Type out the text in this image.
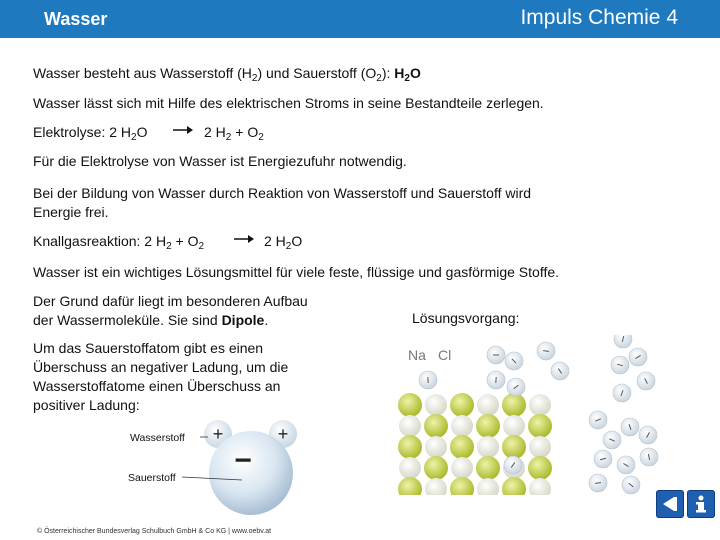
Wasser	Impuls Chemie 4
Wasser besteht aus Wasserstoff $(H_2)$ und Sauerstoff $(O_2)$: $H_2O$
Wasser lässt sich mit Hilfe des elektrischen Stroms in seine Bestandteile zerlegen.
Elektrolyse: 2 $H_2O \to 2$ $H_2 + O_2$
Für die Elektrolyse von Wasser ist Energiezufuhr notwendig.
Bei der Bildung von Wasser durch Reaktion von Wasserstoff und Sauerstoff wird
Energie frei.
Knallgasreaktion: 2 $H_2 + O_2 \to 2$ $H_2O$
Wasser ist ein wichtiges Lösungsmittel für viele feste, flüssige und gasförmige Stoffe.
Der Grund dafür liegt im besonderen Aufbau
der Wassermoleküle. Sie sind Dipole.	Lösungsvorgang:
Um das Sauerstoffatom gibt es einen
Überschuss an negativer Ladung, um die
Wasserstoffatome einen Überschuss an
positiver Ladung:
+	+
−
Wasserstoff
Sauerstoff
Na Cl
© Österreichischer Bundesverlag Schulbuch GmbH & Co KG | www.oebv.at
